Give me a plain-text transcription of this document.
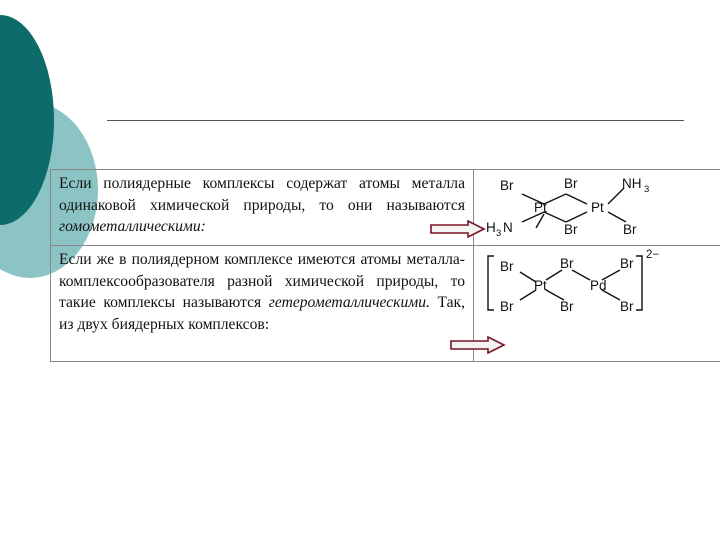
Если полиядерные комплексы содержат атомы металла одинаковой химической природы, то они называются гомометаллическими:

Br	Br	NH 3
Pt	Pt
H 3 N	Br	Br

Если же в полиядерном комплексе имеются атомы металла-комплексообразователя разной химической природы, то такие комплексы называются гетерометаллическими. Так, из двух биядерных комплексов:

Br	Br	Br
Pt	Pd
Br	Br	Br
2−
